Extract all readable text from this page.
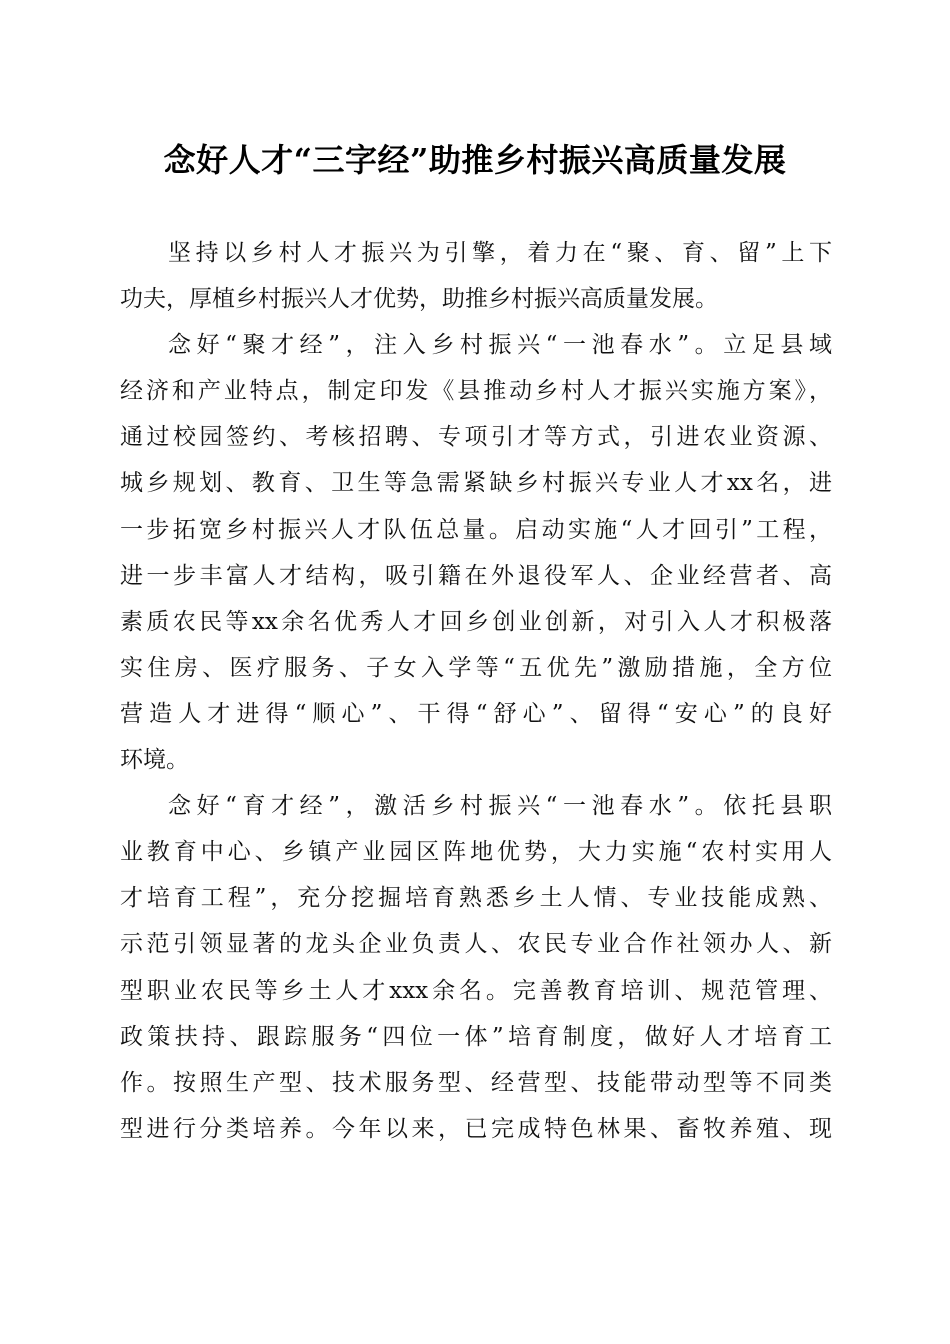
念好人才“三字经”助推乡村振兴高质量发展
坚持以乡村人才振兴为引擎，着力在“聚、育、留”上下
功夫，厚植乡村振兴人才优势，助推乡村振兴高质量发展。
念好“聚才经”，注入乡村振兴“一池春水”。立足县域
经济和产业特点，制定印发《县推动乡村人才振兴实施方案》，
通过校园签约、考核招聘、专项引才等方式，引进农业资源、
城乡规划、教育、卫生等急需紧缺乡村振兴专业人才xx名，进
一步拓宽乡村振兴人才队伍总量。启动实施“人才回引”工程，
进一步丰富人才结构，吸引籍在外退役军人、企业经营者、高
素质农民等xx余名优秀人才回乡创业创新，对引入人才积极落
实住房、医疗服务、子女入学等“五优先”激励措施，全方位
营造人才进得“顺心”、干得“舒心”、留得“安心”的良好
环境。
念好“育才经”，激活乡村振兴“一池春水”。依托县职
业教育中心、乡镇产业园区阵地优势，大力实施“农村实用人
才培育工程”，充分挖掘培育熟悉乡土人情、专业技能成熟、
示范引领显著的龙头企业负责人、农民专业合作社领办人、新
型职业农民等乡土人才xxx余名。完善教育培训、规范管理、
政策扶持、跟踪服务“四位一体”培育制度，做好人才培育工
作。按照生产型、技术服务型、经营型、技能带动型等不同类
型进行分类培养。今年以来，已完成特色林果、畜牧养殖、现
